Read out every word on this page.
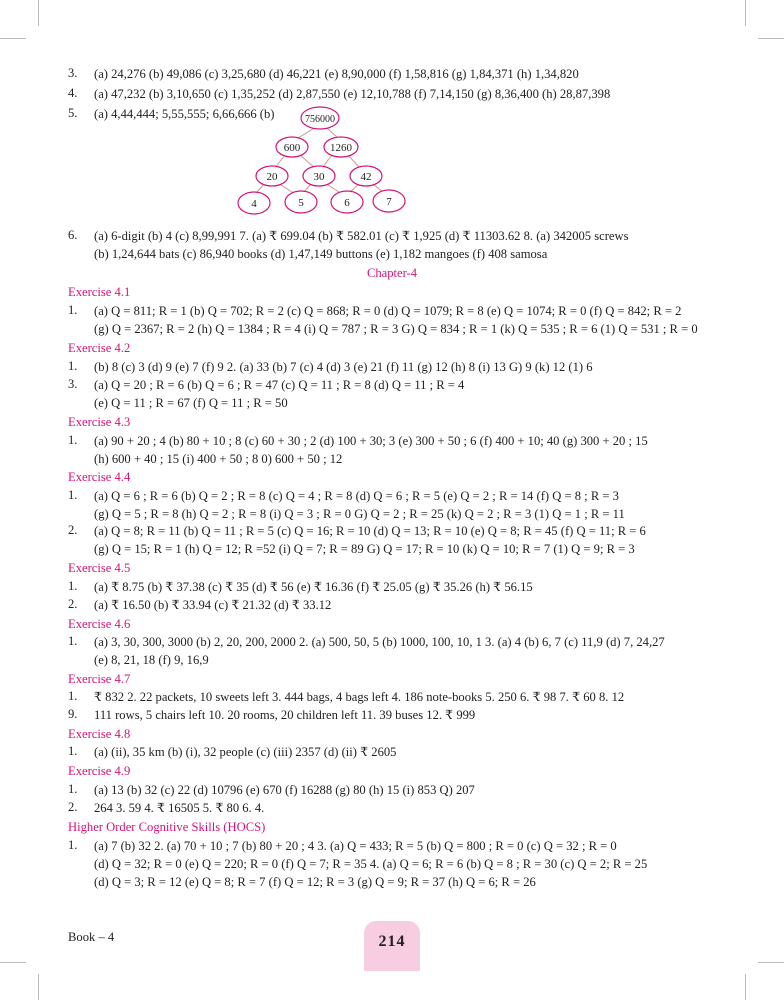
3. (a) 24,276 (b) 49,086 (c) 3,25,680 (d) 46,221 (e) 8,90,000 (f) 1,58,816 (g) 1,84,371 (h) 1,34,820
4. (a) 47,232 (b) 3,10,650 (c) 1,35,252 (d) 2,87,550 (e) 12,10,788 (f) 7,14,150 (g) 8,36,400 (h) 28,87,398
5. (a) 4,44,444; 5,55,555; 6,66,666 (b)	756000
600	1260
20	30	42
4	5	6	7
6. (a) 6-digit (b) 4 (c) 8,99,991 7. (a) ₹ 699.04 (b) ₹ 582.01 (c) ₹ 1,925 (d) ₹ 11303.62 8. (a) 342005 screws
(b) 1,24,644 bats (c) 86,940 books (d) 1,47,149 buttons (e) 1,182 mangoes (f) 408 samosa
Chapter-4
Exercise 4.1
1. (a) Q = 811; R = 1 (b) Q = 702; R = 2 (c) Q = 868; R = 0 (d) Q = 1079; R = 8 (e) Q = 1074; R = 0 (f) Q = 842; R = 2
(g) Q = 2367; R = 2 (h) Q = 1384 ; R = 4 (i) Q = 787 ; R = 3 G) Q = 834 ; R = 1 (k) Q = 535 ; R = 6 (1) Q = 531 ; R = 0
Exercise 4.2
1. (b) 8 (c) 3 (d) 9 (e) 7 (f) 9 2. (a) 33 (b) 7 (c) 4 (d) 3 (e) 21 (f) 11 (g) 12 (h) 8 (i) 13 G) 9 (k) 12 (1) 6
3. (a) Q = 20 ; R = 6 (b) Q = 6 ; R = 47 (c) Q = 11 ; R = 8 (d) Q = 11 ; R = 4
(e) Q = 11 ; R = 67 (f) Q = 11 ; R = 50
Exercise 4.3
1. (a) 90 + 20 ; 4 (b) 80 + 10 ; 8 (c) 60 + 30 ; 2 (d) 100 + 30; 3 (e) 300 + 50 ; 6 (f) 400 + 10; 40 (g) 300 + 20 ; 15
(h) 600 + 40 ; 15 (i) 400 + 50 ; 8 0) 600 + 50 ; 12
Exercise 4.4
1. (a) Q = 6 ; R = 6 (b) Q = 2 ; R = 8 (c) Q = 4 ; R = 8 (d) Q = 6 ; R = 5 (e) Q = 2 ; R = 14 (f) Q = 8 ; R = 3
(g) Q = 5 ; R = 8 (h) Q = 2 ; R = 8 (i) Q = 3 ; R = 0 G) Q = 2 ; R = 25 (k) Q = 2 ; R = 3 (1) Q = 1 ; R = 11
2. (a) Q = 8; R = 11 (b) Q = 11 ; R = 5 (c) Q = 16; R = 10 (d) Q = 13; R = 10 (e) Q = 8; R = 45 (f) Q = 11; R = 6
(g) Q = 15; R = 1 (h) Q = 12; R =52 (i) Q = 7; R = 89 G) Q = 17; R = 10 (k) Q = 10; R = 7 (1) Q = 9; R = 3
Exercise 4.5
1. (a) ₹ 8.75 (b) ₹ 37.38 (c) ₹ 35 (d) ₹ 56 (e) ₹ 16.36 (f) ₹ 25.05 (g) ₹ 35.26 (h) ₹ 56.15
2. (a) ₹ 16.50 (b) ₹ 33.94 (c) ₹ 21.32 (d) ₹ 33.12
Exercise 4.6
1. (a) 3, 30, 300, 3000 (b) 2, 20, 200, 2000 2. (a) 500, 50, 5 (b) 1000, 100, 10, 1 3. (a) 4 (b) 6, 7 (c) 11,9 (d) 7, 24,27
(e) 8, 21, 18 (f) 9, 16,9
Exercise 4.7
1. ₹ 832 2. 22 packets, 10 sweets left 3. 444 bags, 4 bags left 4. 186 note-books 5. 250 6. ₹ 98 7. ₹ 60 8. 12
9. 111 rows, 5 chairs left 10. 20 rooms, 20 children left 11. 39 buses 12. ₹ 999
Exercise 4.8
1. (a) (ii), 35 km (b) (i), 32 people (c) (iii) 2357 (d) (ii) ₹ 2605
Exercise 4.9
1. (a) 13 (b) 32 (c) 22 (d) 10796 (e) 670 (f) 16288 (g) 80 (h) 15 (i) 853 Q) 207
2. 264 3. 59 4. ₹ 16505 5. ₹ 80 6. 4.
Higher Order Cognitive Skills (HOCS)
1. (a) 7 (b) 32 2. (a) 70 + 10 ; 7 (b) 80 + 20 ; 4 3. (a) Q = 433; R = 5 (b) Q = 800 ; R = 0 (c) Q = 32 ; R = 0
(d) Q = 32; R = 0 (e) Q = 220; R = 0 (f) Q = 7; R = 35 4. (a) Q = 6; R = 6 (b) Q = 8 ; R = 30 (c) Q = 2; R = 25
(d) Q = 3; R = 12 (e) Q = 8; R = 7 (f) Q = 12; R = 3 (g) Q = 9; R = 37 (h) Q = 6; R = 26
Book – 4	214
